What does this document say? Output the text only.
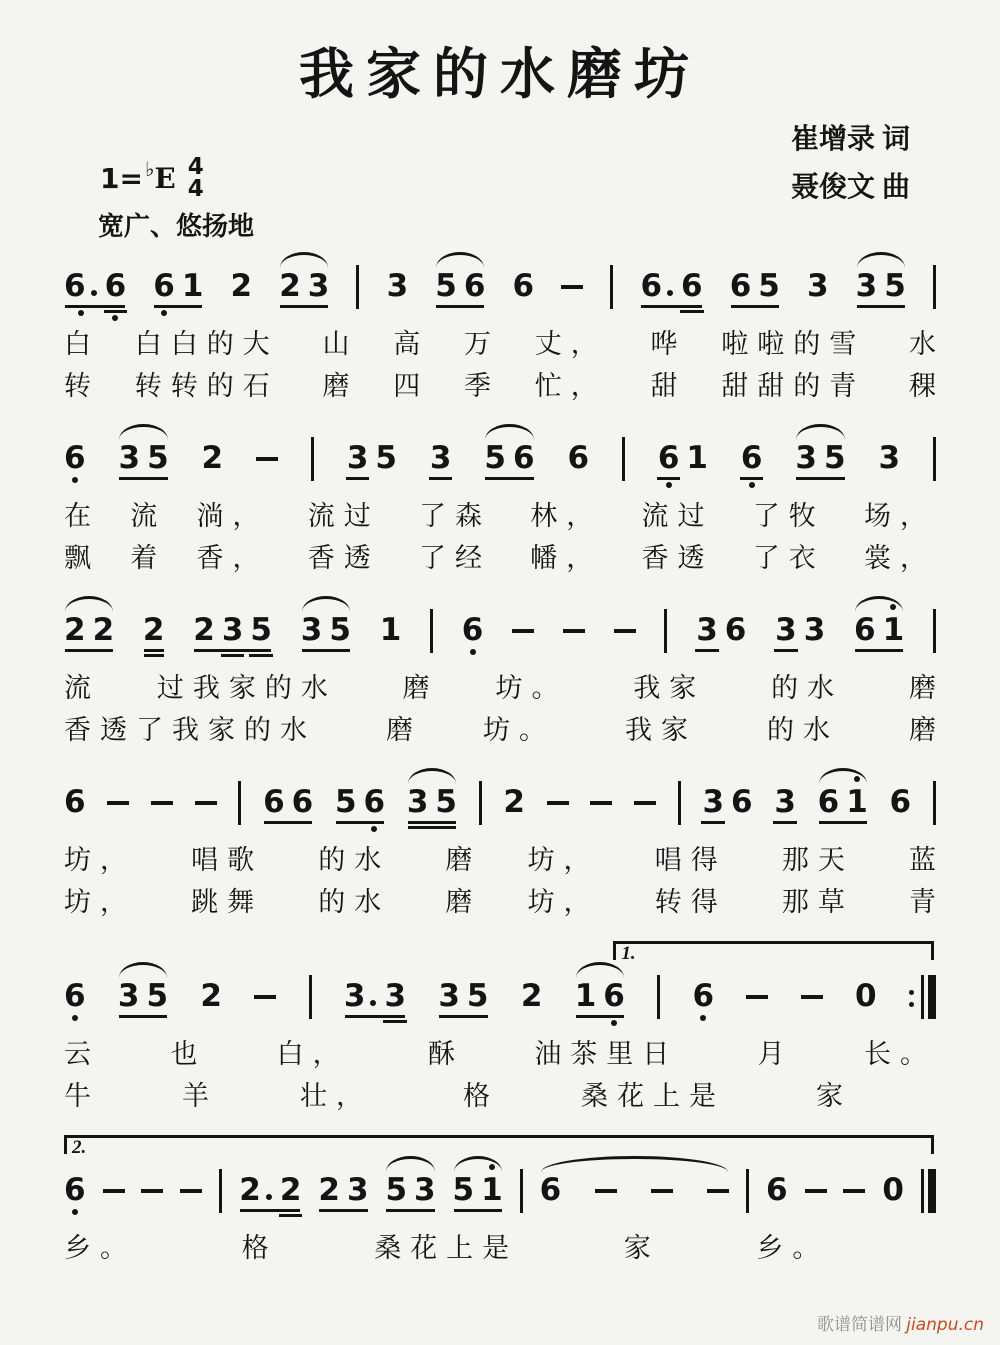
我家的水磨坊
崔增录 词
聂俊文 曲
1= ♭ E 4
4
宽广、悠扬地
6 6 6 1 2 2 3 3 5 6 6	6 6 6 5 3 3 5
白 白白的大 山 高 万 丈， 哗 啦啦的雪 水
转 转转的石 磨 四 季 忙， 甜 甜甜的青 稞
6 3 5 2	3 5 3 5 6 6 6 1 6 3 5 3
在 流 淌， 流过 了森 林， 流过 了牧 场，
飘 着 香， 香透 了经 幡， 香透 了衣 裳，
2 2 2 2 3 5 3 5 1 6	3 6 3 3 6 1
流 过我家的水 磨 坊。 我家 的水 磨
香透了我家的水	磨	坊。	我家	的水	磨
6	6 6 5 6 3 5 2	3 6 3 6 1 6
坊， 唱歌 的水 磨 坊， 唱得 那天 蓝
坊， 跳舞 的水 磨 坊， 转得 那草 青
1.
6 3 5 2	3 3 3 5 2 1 6 6	0
云	也	白，	酥	油茶里日	月	长。
牛	羊	壮，	格	桑花上是	家
2.
6	2 2 2 3 5 3 5 1 6	6	0
乡。	格	桑花上是	家	乡。
歌谱简谱网 jianpu.cn
